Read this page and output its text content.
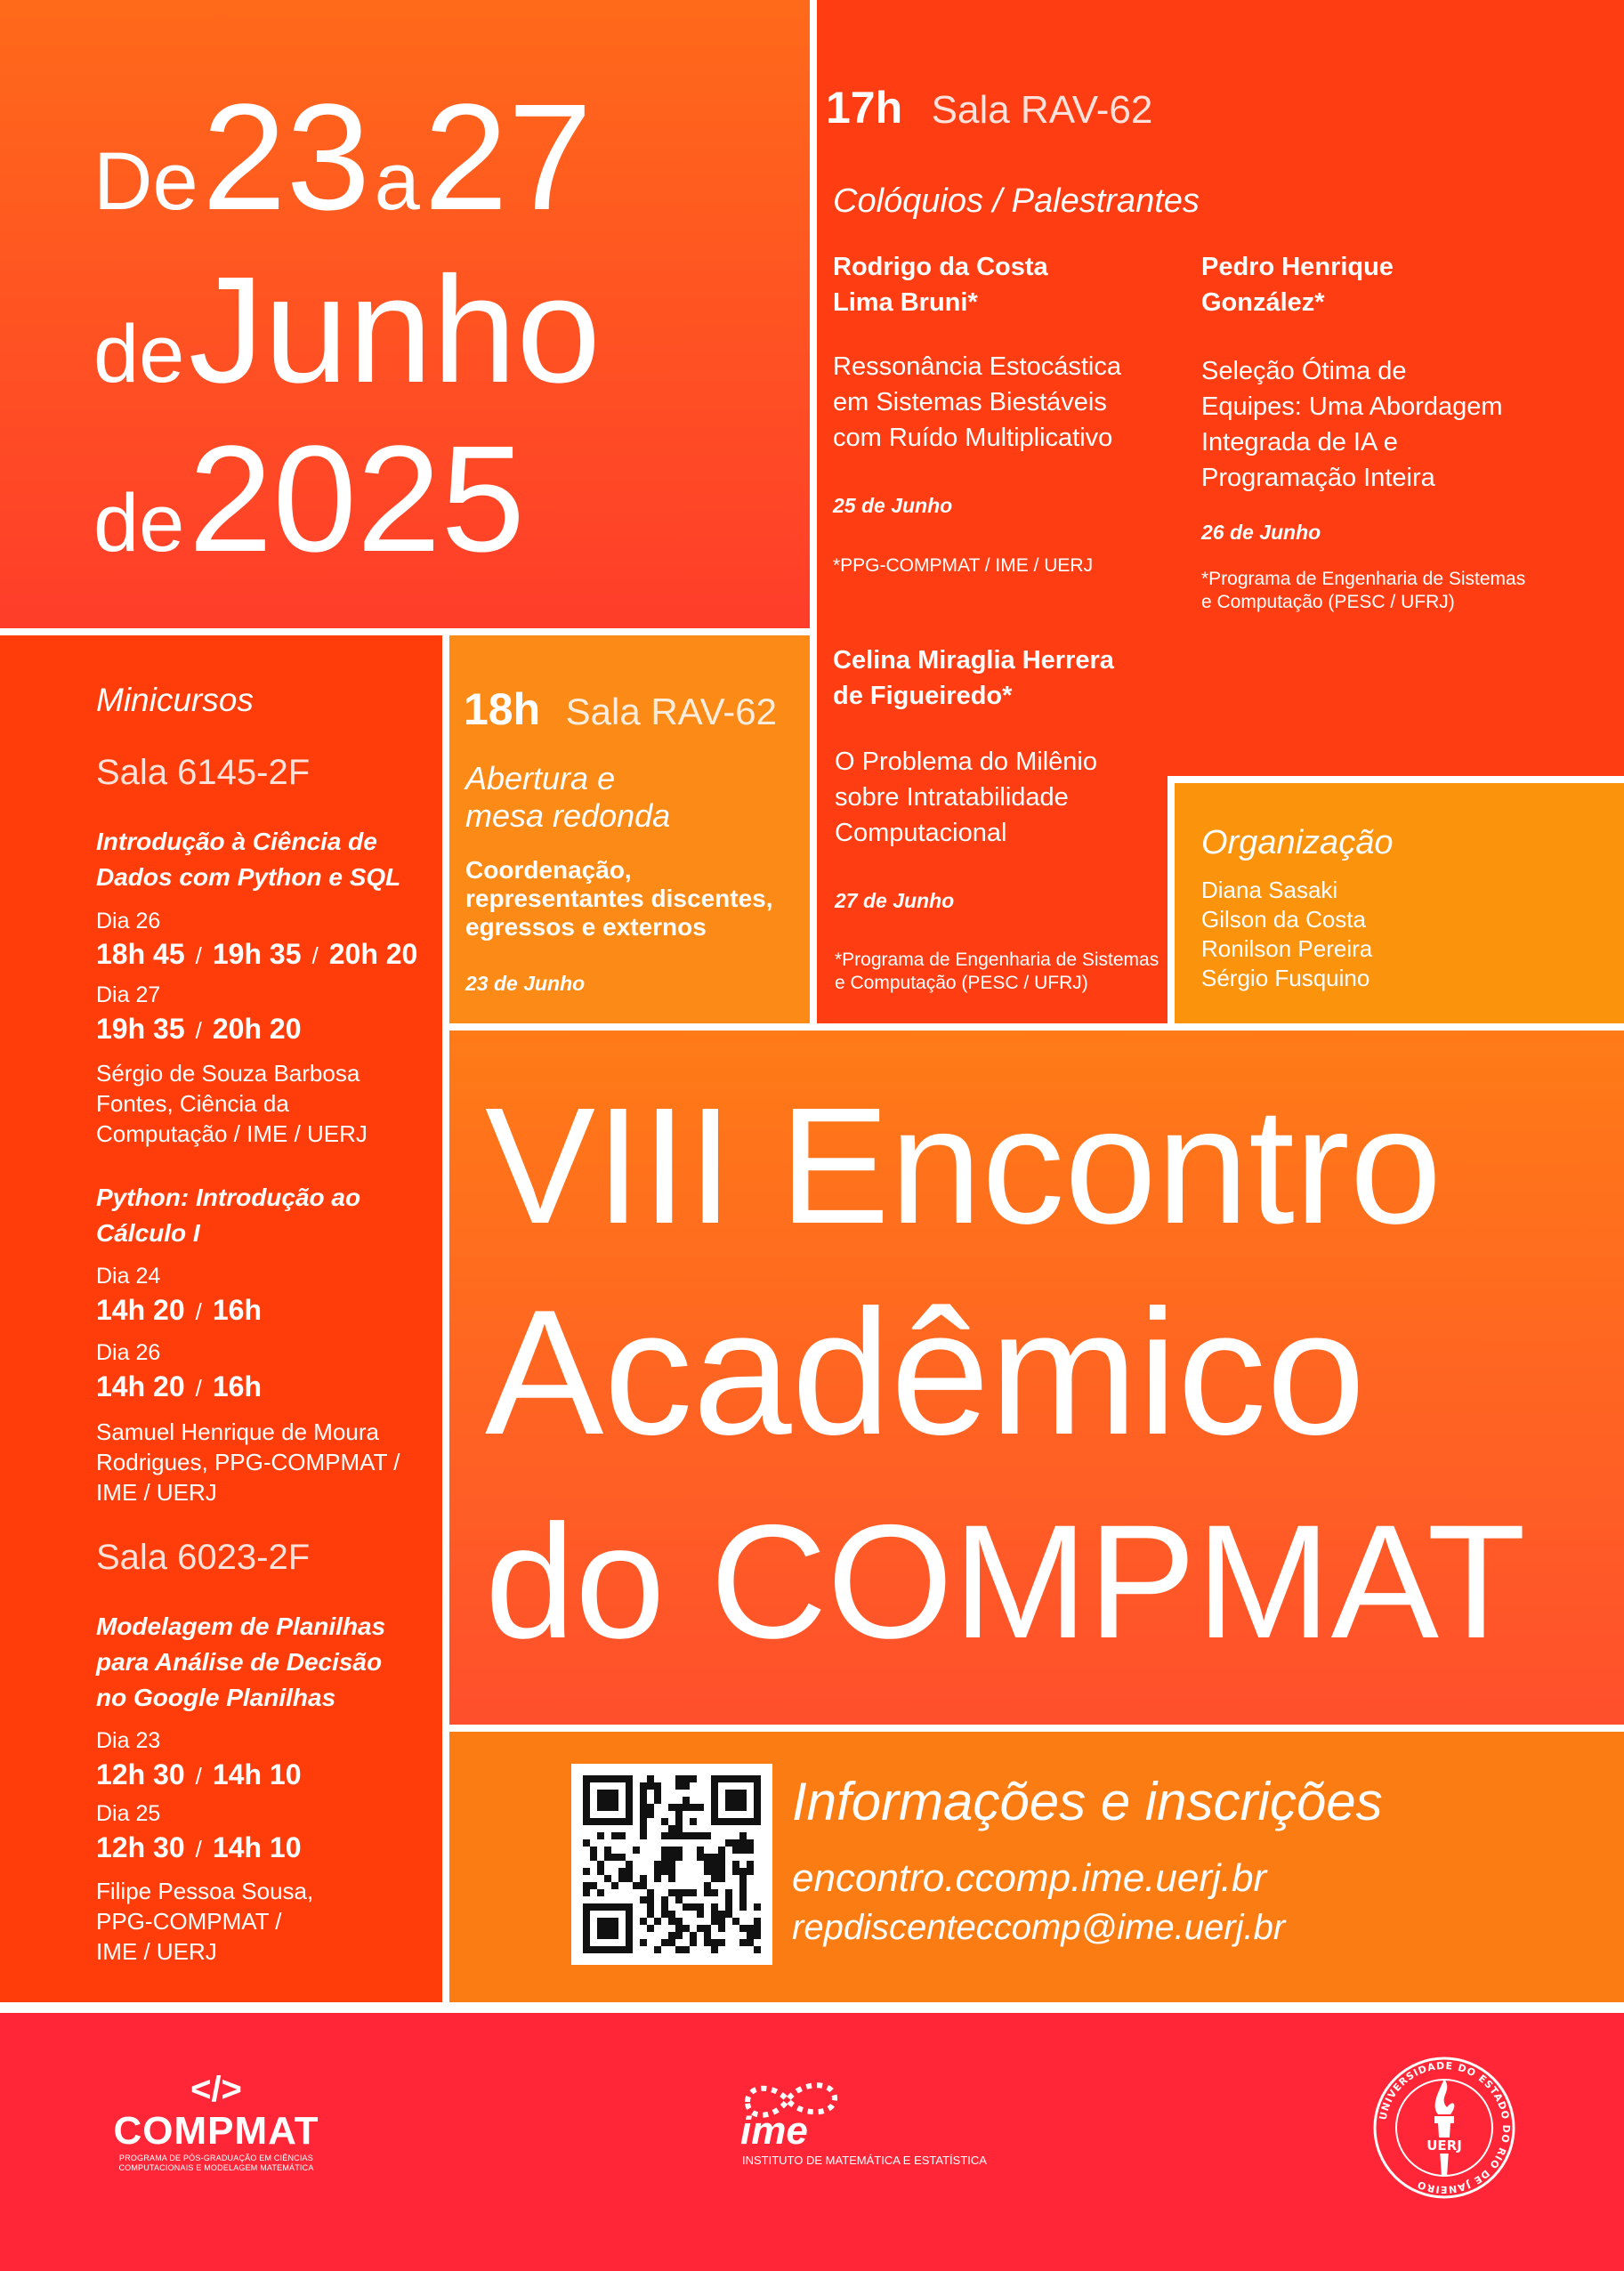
De 23 a 27
de Junho
de 2025
17h Sala RAV-62
Colóquios / Palestrantes
Rodrigo da Costa
Lima Bruni*
Ressonância Estocástica
em Sistemas Biestáveis
com Ruído Multiplicativo
25 de Junho
*PPG-COMPMAT / IME / UERJ
Pedro Henrique
González*
Seleção Ótima de
Equipes: Uma Abordagem
Integrada de IA e
Programação Inteira
26 de Junho
*Programa de Engenharia de Sistemas
e Computação (PESC / UFRJ)
Minicursos
Sala 6145-2F
Introdução à Ciência de
Dados com Python e SQL
Dia 26
18h 45 / 19h 35 / 20h 20
Dia 27
19h 35 / 20h 20
Sérgio de Souza Barbosa
Fontes, Ciência da
Computação / IME / UERJ
Python: Introdução ao
Cálculo I
Dia 24
14h 20 / 16h
Dia 26
14h 20 / 16h
Samuel Henrique de Moura
Rodrigues, PPG-COMPMAT /
IME / UERJ
Sala 6023-2F
Modelagem de Planilhas
para Análise de Decisão
no Google Planilhas
Dia 23
12h 30 / 14h 10
Dia 25
12h 30 / 14h 10
Filipe Pessoa Sousa,
PPG-COMPMAT /
IME / UERJ
18h Sala RAV-62
Abertura e
mesa redonda
Coordenação,
representantes discentes,
egressos e externos
23 de Junho
Celina Miraglia Herrera
de Figueiredo*
O Problema do Milênio
sobre Intratabilidade
Computacional
27 de Junho
*Programa de Engenharia de Sistemas
e Computação (PESC / UFRJ)
Organização
Diana Sasaki
Gilson da Costa
Ronilson Pereira
Sérgio Fusquino
VIII Encontro
Acadêmico
do COMPMAT
Informações e inscrições
encontro.ccomp.ime.uerj.br
repdiscenteccomp@ime.uerj.br
</>
COMPMAT
PROGRAMA DE PÓS-GRADUAÇÃO EM CIÊNCIAS
COMPUTACIONAIS E MODELAGEM MATEMÁTICA
ime
INSTITUTO DE MATEMÁTICA E ESTATÍSTICA
UNIVERSIDADE DO ESTADO DO RIO DE JANEIRO
UERJ
